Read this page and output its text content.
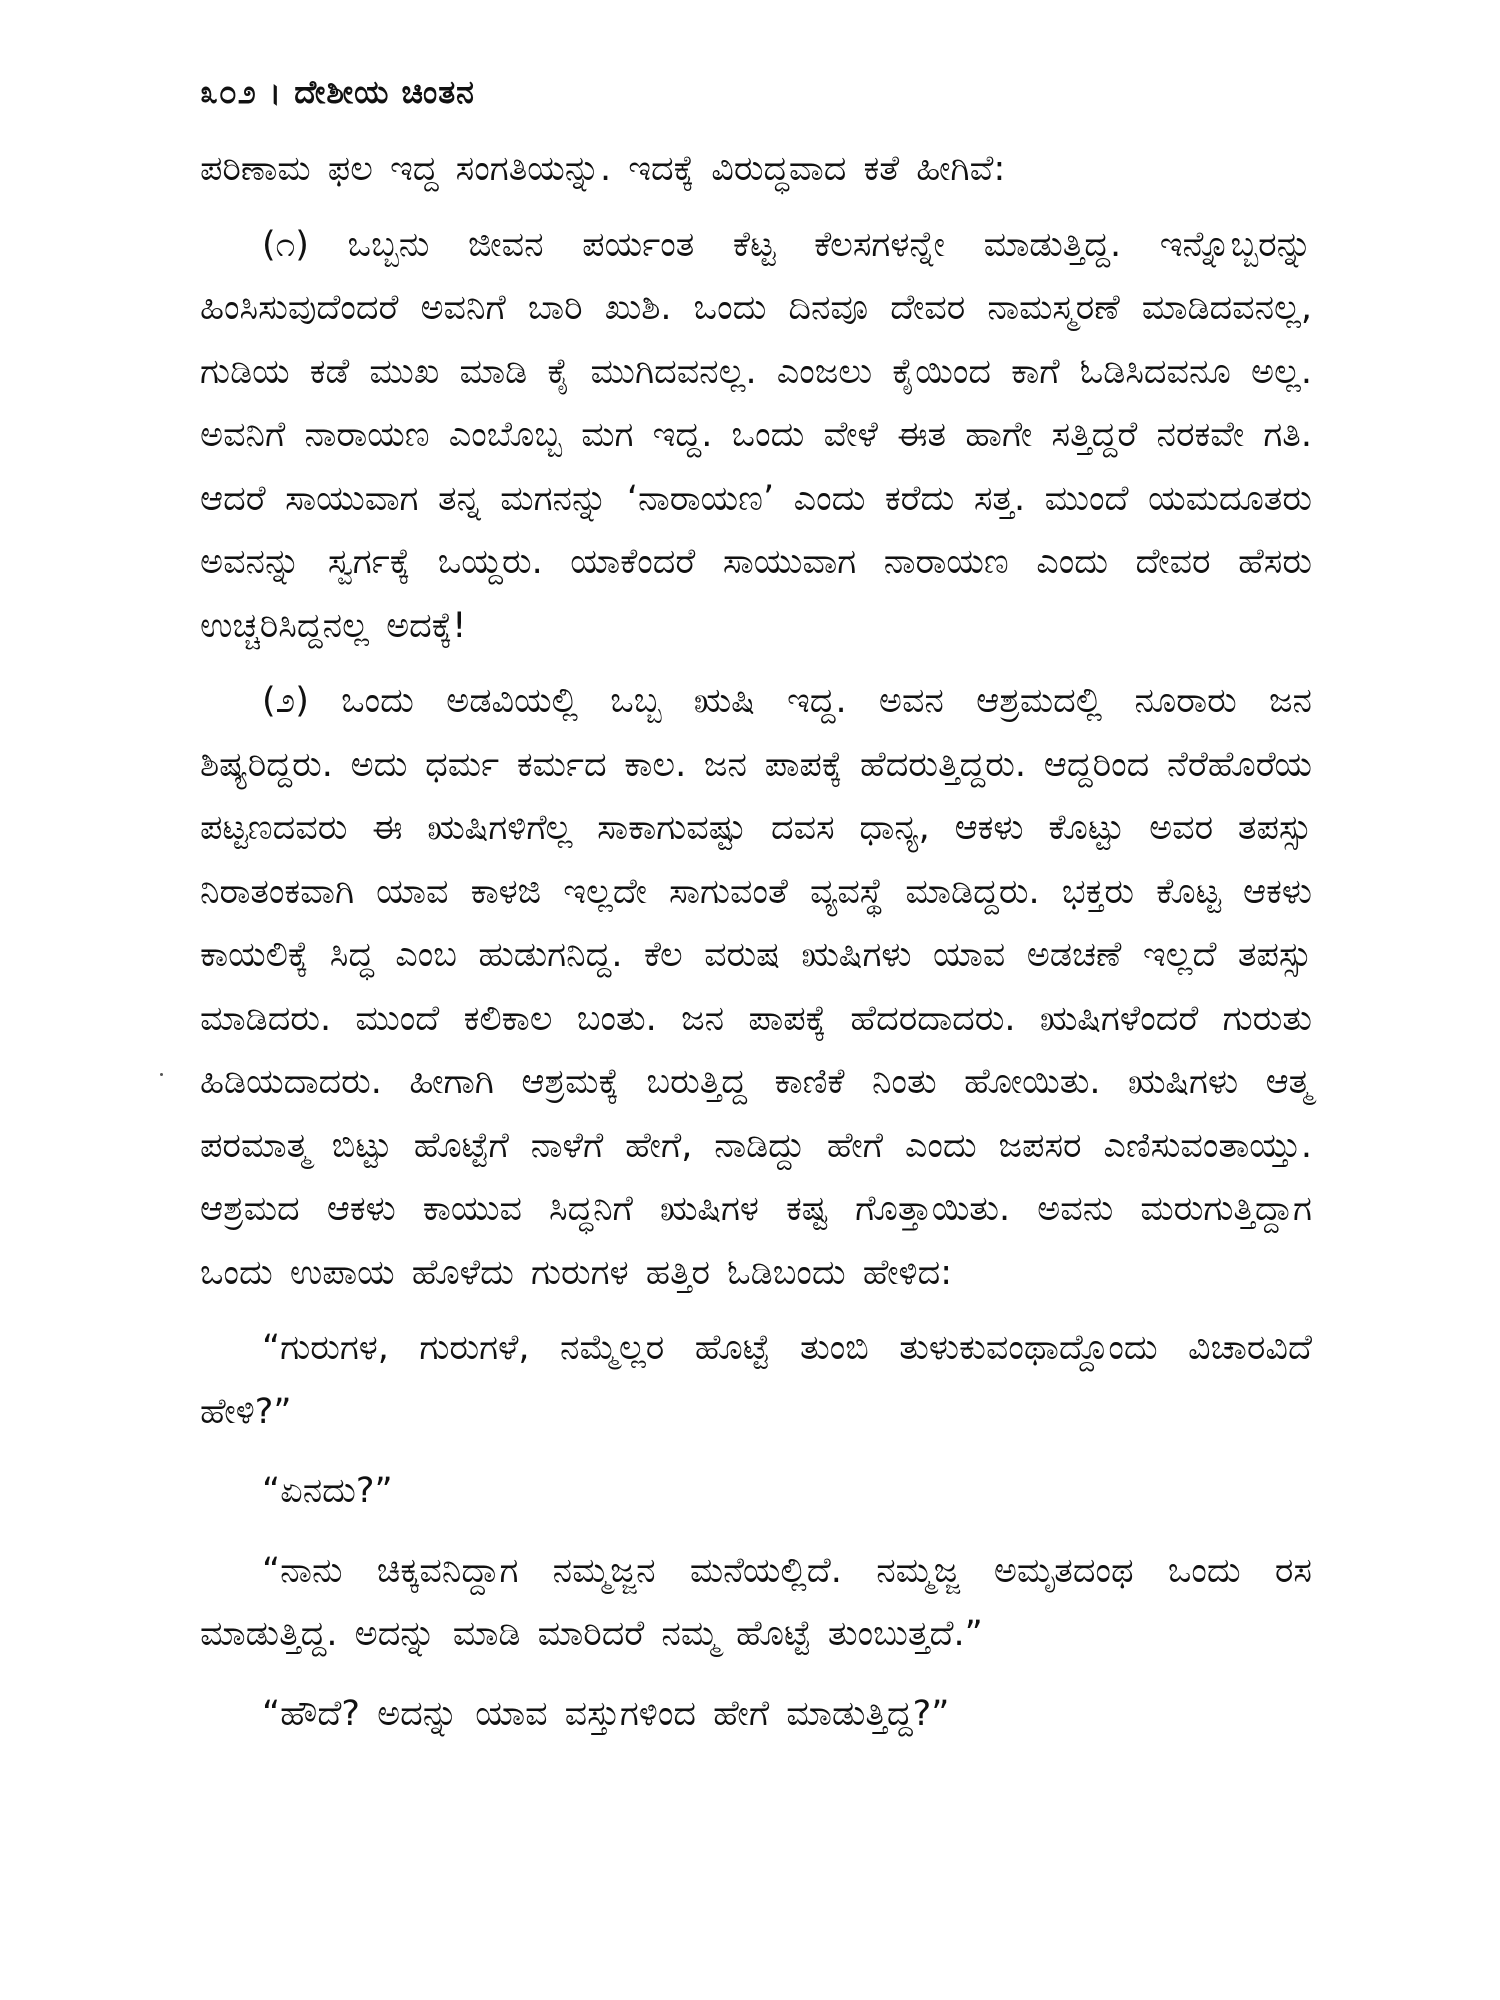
೩೦೨ । ದೇಶೀಯ ಚಿಂತನ

ಪರಿಣಾಮ ಫಲ ಇದ್ದ ಸಂಗತಿಯನ್ನು. ಇದಕ್ಕೆ ವಿರುದ್ಧವಾದ ಕತೆ ಹೀಗಿವೆ:

(೧) ಒಬ್ಬನು ಜೀವನ ಪರ್ಯಂತ ಕೆಟ್ಟ ಕೆಲಸಗಳನ್ನೇ ಮಾಡುತ್ತಿದ್ದ. ಇನ್ನೊಬ್ಬರನ್ನು ಹಿಂಸಿಸುವುದೆಂದರೆ ಅವನಿಗೆ ಬಾರಿ ಖುಶಿ. ಒಂದು ದಿನವೂ ದೇವರ ನಾಮಸ್ಮರಣೆ ಮಾಡಿದವನಲ್ಲ, ಗುಡಿಯ ಕಡೆ ಮುಖ ಮಾಡಿ ಕೈ ಮುಗಿದವನಲ್ಲ. ಎಂಜಲು ಕೈಯಿಂದ ಕಾಗೆ ಓಡಿಸಿದವನೂ ಅಲ್ಲ. ಅವನಿಗೆ ನಾರಾಯಣ ಎಂಬೊಬ್ಬ ಮಗ ಇದ್ದ. ಒಂದು ವೇಳೆ ಈತ ಹಾಗೇ ಸತ್ತಿದ್ದರೆ ನರಕವೇ ಗತಿ. ಆದರೆ ಸಾಯುವಾಗ ತನ್ನ ಮಗನನ್ನು ‘ನಾರಾಯಣ’ ಎಂದು ಕರೆದು ಸತ್ತ. ಮುಂದೆ ಯಮದೂತರು ಅವನನ್ನು ಸ್ವರ್ಗಕ್ಕೆ ಒಯ್ದರು. ಯಾಕೆಂದರೆ ಸಾಯುವಾಗ ನಾರಾಯಣ ಎಂದು ದೇವರ ಹೆಸರು ಉಚ್ಚರಿಸಿದ್ದನಲ್ಲ ಅದಕ್ಕೆ!

(೨) ಒಂದು ಅಡವಿಯಲ್ಲಿ ಒಬ್ಬ ಋಷಿ ಇದ್ದ. ಅವನ ಆಶ್ರಮದಲ್ಲಿ ನೂರಾರು ಜನ ಶಿಷ್ಯರಿದ್ದರು. ಅದು ಧರ್ಮ ಕರ್ಮದ ಕಾಲ. ಜನ ಪಾಪಕ್ಕೆ ಹೆದರುತ್ತಿದ್ದರು. ಆದ್ದರಿಂದ ನೆರೆಹೊರೆಯ ಪಟ್ಟಣದವರು ಈ ಋಷಿಗಳಿಗೆಲ್ಲ ಸಾಕಾಗುವಷ್ಟು ದವಸ ಧಾನ್ಯ, ಆಕಳು ಕೊಟ್ಟು ಅವರ ತಪಸ್ಸು ನಿರಾತಂಕವಾಗಿ ಯಾವ ಕಾಳಜಿ ಇಲ್ಲದೇ ಸಾಗುವಂತೆ ವ್ಯವಸ್ಥೆ ಮಾಡಿದ್ದರು. ಭಕ್ತರು ಕೊಟ್ಟ ಆಕಳು ಕಾಯಲಿಕ್ಕೆ ಸಿದ್ಧ ಎಂಬ ಹುಡುಗನಿದ್ದ. ಕೆಲ ವರುಷ ಋಷಿಗಳು ಯಾವ ಅಡಚಣೆ ಇಲ್ಲದೆ ತಪಸ್ಸು ಮಾಡಿದರು. ಮುಂದೆ ಕಲಿಕಾಲ ಬಂತು. ಜನ ಪಾಪಕ್ಕೆ ಹೆದರದಾದರು. ಋಷಿಗಳೆಂದರೆ ಗುರುತು ಹಿಡಿಯದಾದರು. ಹೀಗಾಗಿ ಆಶ್ರಮಕ್ಕೆ ಬರುತ್ತಿದ್ದ ಕಾಣಿಕೆ ನಿಂತು ಹೋಯಿತು. ಋಷಿಗಳು ಆತ್ಮ ಪರಮಾತ್ಮ ಬಿಟ್ಟು ಹೊಟ್ಟೆಗೆ ನಾಳೆಗೆ ಹೇಗೆ, ನಾಡಿದ್ದು ಹೇಗೆ ಎಂದು ಜಪಸರ ಎಣಿಸುವಂತಾಯ್ತು. ಆಶ್ರಮದ ಆಕಳು ಕಾಯುವ ಸಿದ್ಧನಿಗೆ ಋಷಿಗಳ ಕಷ್ಟ ಗೊತ್ತಾಯಿತು. ಅವನು ಮರುಗುತ್ತಿದ್ದಾಗ ಒಂದು ಉಪಾಯ ಹೊಳೆದು ಗುರುಗಳ ಹತ್ತಿರ ಓಡಿಬಂದು ಹೇಳಿದ:

“ಗುರುಗಳ, ಗುರುಗಳೆ, ನಮ್ಮೆಲ್ಲರ ಹೊಟ್ಟೆ ತುಂಬಿ ತುಳುಕುವಂಥಾದ್ದೊಂದು ವಿಚಾರವಿದೆ ಹೇಳಿ?”

“ಏನದು?”

“ನಾನು ಚಿಕ್ಕವನಿದ್ದಾಗ ನಮ್ಮಜ್ಜನ ಮನೆಯಲ್ಲಿದೆ. ನಮ್ಮಜ್ಜ ಅಮೃತದಂಥ ಒಂದು ರಸ ಮಾಡುತ್ತಿದ್ದ. ಅದನ್ನು ಮಾಡಿ ಮಾರಿದರೆ ನಮ್ಮ ಹೊಟ್ಟೆ ತುಂಬುತ್ತದೆ.”

“ಹೌದೆ? ಅದನ್ನು ಯಾವ ವಸ್ತುಗಳಿಂದ ಹೇಗೆ ಮಾಡುತ್ತಿದ್ದ?”
